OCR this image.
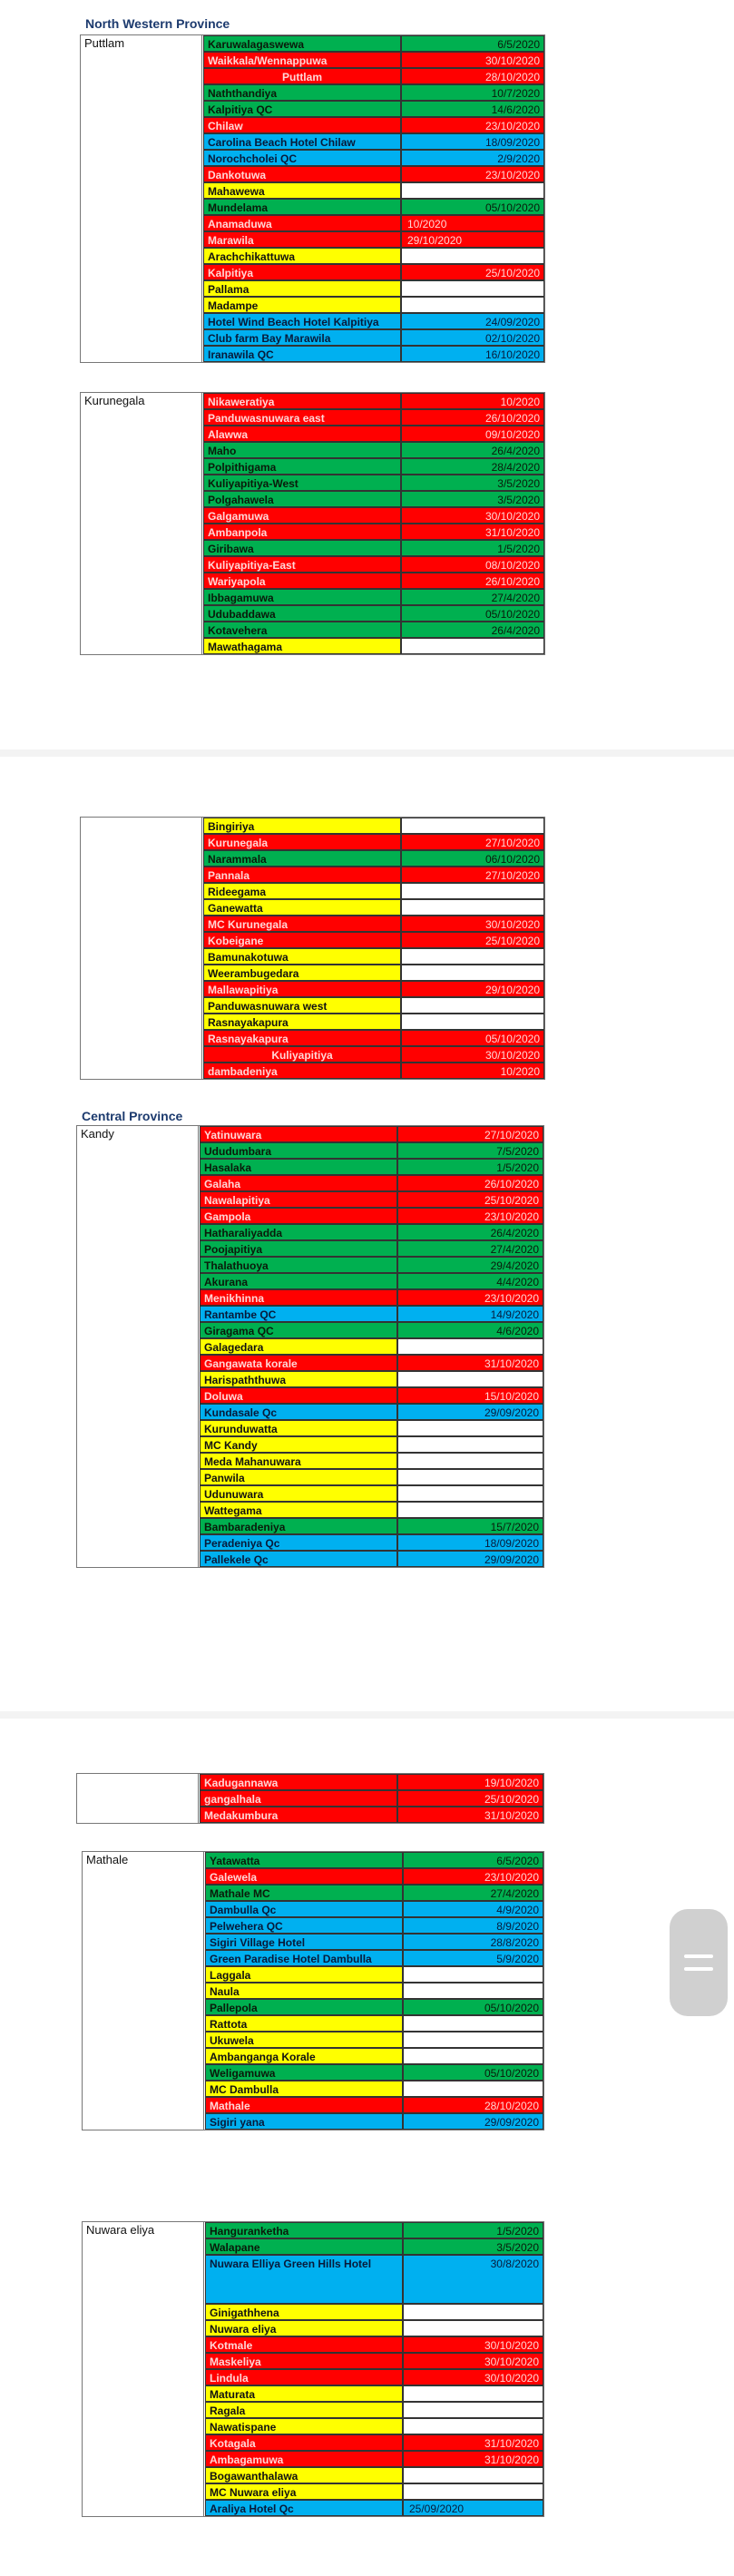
North Western Province
Puttlam	Karuwalagaswewa	6/5/2020
Waikkala/Wennappuwa	30/10/2020
Puttlam	28/10/2020
Naththandiya	10/7/2020
Kalpitiya QC	14/6/2020
Chilaw	23/10/2020
Carolina Beach Hotel Chilaw	18/09/2020
Norochcholei QC	2/9/2020
Dankotuwa	23/10/2020
Mahawewa
Mundelama	05/10/2020
Anamaduwa	10/2020
Marawila	29/10/2020
Arachchikattuwa
Kalpitiya	25/10/2020
Pallama
Madampe
Hotel Wind Beach Hotel Kalpitiya	24/09/2020
Club farm Bay Marawila	02/10/2020
Iranawila QC	16/10/2020
Kurunegala	Nikaweratiya	10/2020
Panduwasnuwara east	26/10/2020
Alawwa	09/10/2020
Maho	26/4/2020
Polpithigama	28/4/2020
Kuliyapitiya-West	3/5/2020
Polgahawela	3/5/2020
Galgamuwa	30/10/2020
Ambanpola	31/10/2020
Giribawa	1/5/2020
Kuliyapitiya-East	08/10/2020
Wariyapola	26/10/2020
Ibbagamuwa	27/4/2020
Udubaddawa	05/10/2020
Kotavehera	26/4/2020
Mawathagama
Bingiriya
Kurunegala	27/10/2020
Narammala	06/10/2020
Pannala	27/10/2020
Rideegama
Ganewatta
MC Kurunegala	30/10/2020
Kobeigane	25/10/2020
Bamunakotuwa
Weerambugedara
Mallawapitiya	29/10/2020
Panduwasnuwara west
Rasnayakapura
Rasnayakapura	05/10/2020
Kuliyapitiya	30/10/2020
dambadeniya	10/2020
Central Province
Kandy	Yatinuwara	27/10/2020
Ududumbara	7/5/2020
Hasalaka	1/5/2020
Galaha	26/10/2020
Nawalapitiya	25/10/2020
Gampola	23/10/2020
Hatharaliyadda	26/4/2020
Poojapitiya	27/4/2020
Thalathuoya	29/4/2020
Akurana	4/4/2020
Menikhinna	23/10/2020
Rantambe QC	14/9/2020
Giragama QC	4/6/2020
Galagedara
Gangawata korale	31/10/2020
Harispaththuwa
Doluwa	15/10/2020
Kundasale Qc	29/09/2020
Kurunduwatta
MC Kandy
Meda Mahanuwara
Panwila
Udunuwara
Wattegama
Bambaradeniya	15/7/2020
Peradeniya Qc	18/09/2020
Pallekele Qc	29/09/2020
Kadugannawa	19/10/2020
gangalhala	25/10/2020
Medakumbura	31/10/2020
Mathale	Yatawatta	6/5/2020
Galewela	23/10/2020
Mathale MC	27/4/2020
Dambulla Qc	4/9/2020
Pelwehera QC	8/9/2020
Sigiri Village Hotel	28/8/2020
Green Paradise Hotel Dambulla	5/9/2020
Laggala
Naula
Pallepola	05/10/2020
Rattota
Ukuwela
Ambanganga Korale
Weligamuwa	05/10/2020
MC Dambulla
Mathale	28/10/2020
Sigiri yana	29/09/2020
Nuwara eliya	Hanguranketha	1/5/2020
Walapane	3/5/2020
Nuwara Elliya Green Hills Hotel	30/8/2020
Ginigathhena
Nuwara eliya
Kotmale	30/10/2020
Maskeliya	30/10/2020
Lindula	30/10/2020
Maturata
Ragala
Nawatispane
Kotagala	31/10/2020
Ambagamuwa	31/10/2020
Bogawanthalawa
MC Nuwara eliya
Araliya Hotel Qc	25/09/2020
